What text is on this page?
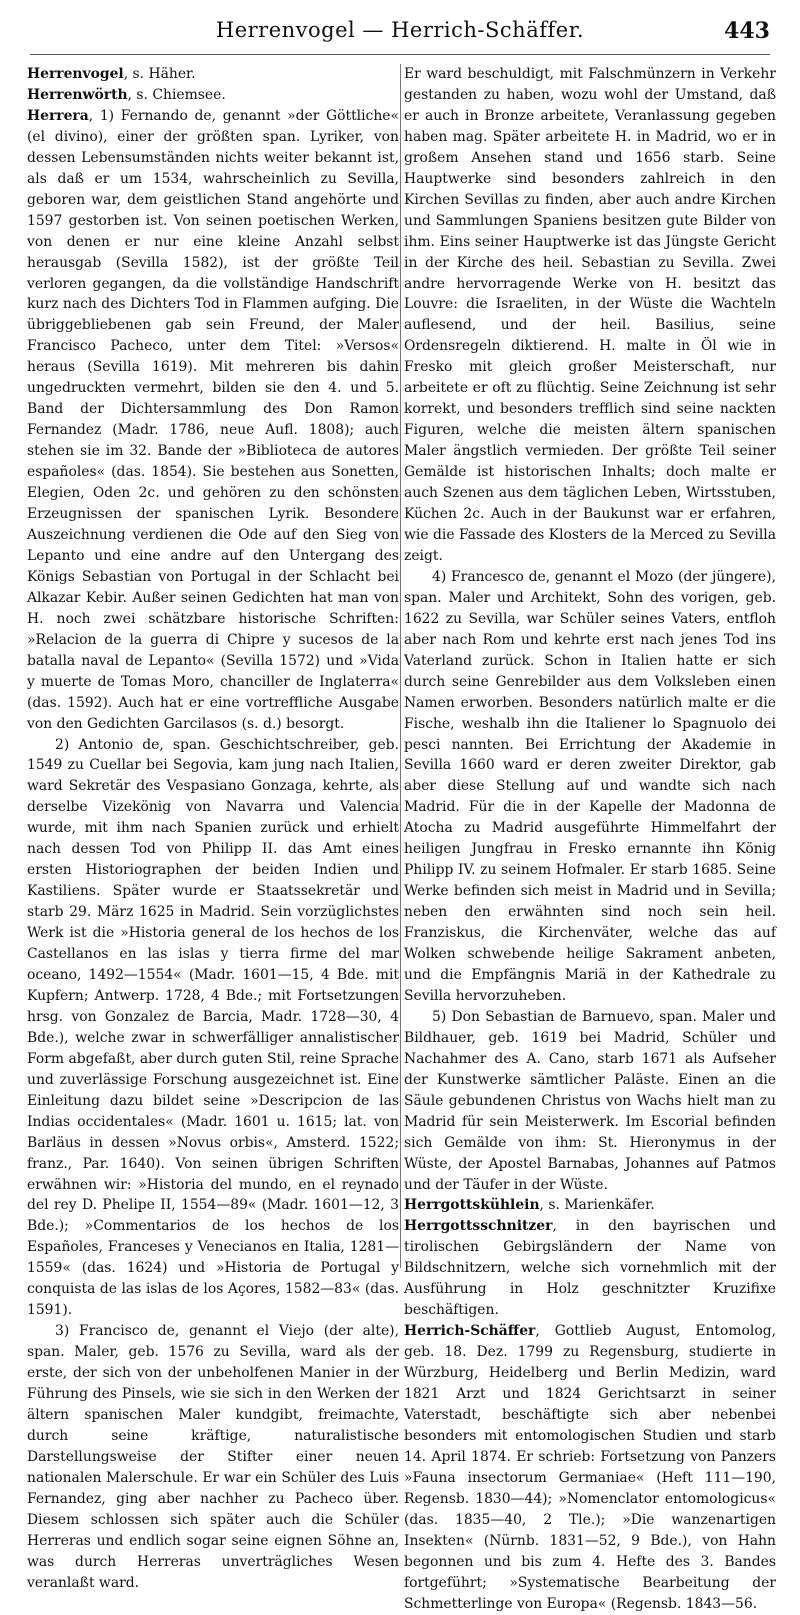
Herrenvogel — Herrich-Schäffer.	443

Herrenvogel, s. Häher.

Herrenwörth, s. Chiemsee.

Herrera, 1) Fernando de, genannt »der Göttliche« (el divino), einer der größten span. Lyriker, von dessen Lebensumständen nichts weiter bekannt ist, als daß er um 1534, wahrscheinlich zu Sevilla, geboren war, dem geistlichen Stand angehörte und 1597 gestorben ist. Von seinen poetischen Werken, von denen er nur eine kleine Anzahl selbst herausgab (Sevilla 1582), ist der größte Teil verloren gegangen, da die vollständige Handschrift kurz nach des Dichters Tod in Flammen aufging. Die übriggebliebenen gab sein Freund, der Maler Francisco Pacheco, unter dem Titel: »Versos« heraus (Sevilla 1619). Mit mehreren bis dahin ungedruckten vermehrt, bilden sie den 4. und 5. Band der Dichtersammlung des Don Ramon Fernandez (Madr. 1786, neue Aufl. 1808); auch stehen sie im 32. Bande der »Biblioteca de autores españoles« (das. 1854). Sie bestehen aus Sonetten, Elegien, Oden 2c. und gehören zu den schönsten Erzeugnissen der spanischen Lyrik. Besondere Auszeichnung verdienen die Ode auf den Sieg von Lepanto und eine andre auf den Untergang des Königs Sebastian von Portugal in der Schlacht bei Alkazar Kebir. Außer seinen Gedichten hat man von H. noch zwei schätzbare historische Schriften: »Relacion de la guerra di Chipre y sucesos de la batalla naval de Lepanto« (Sevilla 1572) und »Vida y muerte de Tomas Moro, chanciller de Inglaterra« (das. 1592). Auch hat er eine vortreffliche Ausgabe von den Gedichten Garcilasos (s. d.) besorgt.

2) Antonio de, span. Geschichtschreiber, geb. 1549 zu Cuellar bei Segovia, kam jung nach Italien, ward Sekretär des Vespasiano Gonzaga, kehrte, als derselbe Vizekönig von Navarra und Valencia wurde, mit ihm nach Spanien zurück und erhielt nach dessen Tod von Philipp II. das Amt eines ersten Historiographen der beiden Indien und Kastiliens. Später wurde er Staatssekretär und starb 29. März 1625 in Madrid. Sein vorzüglichstes Werk ist die »Historia general de los hechos de los Castellanos en las islas y tierra firme del mar oceano, 1492—1554« (Madr. 1601—15, 4 Bde. mit Kupfern; Antwerp. 1728, 4 Bde.; mit Fortsetzungen hrsg. von Gonzalez de Barcia, Madr. 1728—30, 4 Bde.), welche zwar in schwerfälliger annalistischer Form abgefaßt, aber durch guten Stil, reine Sprache und zuverlässige Forschung ausgezeichnet ist. Eine Einleitung dazu bildet seine »Descripcion de las Indias occidentales« (Madr. 1601 u. 1615; lat. von Barläus in dessen »Novus orbis«, Amsterd. 1522; franz., Par. 1640). Von seinen übrigen Schriften erwähnen wir: »Historia del mundo, en el reynado del rey D. Phelipe II, 1554—89« (Madr. 1601—12, 3 Bde.); »Commentarios de los hechos de los Españoles, Franceses y Venecianos en Italia, 1281—1559« (das. 1624) und »Historia de Portugal y conquista de las islas de los Açores, 1582—83« (das. 1591).

3) Francisco de, genannt el Viejo (der alte), span. Maler, geb. 1576 zu Sevilla, ward als der erste, der sich von der unbeholfenen Manier in der Führung des Pinsels, wie sie sich in den Werken der ältern spanischen Maler kundgibt, freimachte, durch seine kräftige, naturalistische Darstellungsweise der Stifter einer neuen nationalen Malerschule. Er war ein Schüler des Luis Fernandez, ging aber nachher zu Pacheco über. Diesem schlossen sich später auch die Schüler Herreras und endlich sogar seine eignen Söhne an, was durch Herreras unverträgliches Wesen veranlaßt ward.

Er ward beschuldigt, mit Falschmünzern in Verkehr gestanden zu haben, wozu wohl der Umstand, daß er auch in Bronze arbeitete, Veranlassung gegeben haben mag. Später arbeitete H. in Madrid, wo er in großem Ansehen stand und 1656 starb. Seine Hauptwerke sind besonders zahlreich in den Kirchen Sevillas zu finden, aber auch andre Kirchen und Sammlungen Spaniens besitzen gute Bilder von ihm. Eins seiner Hauptwerke ist das Jüngste Gericht in der Kirche des heil. Sebastian zu Sevilla. Zwei andre hervorragende Werke von H. besitzt das Louvre: die Israeliten, in der Wüste die Wachteln auflesend, und der heil. Basilius, seine Ordensregeln diktierend. H. malte in Öl wie in Freskо mit gleich großer Meisterschaft, nur arbeitete er oft zu flüchtig. Seine Zeichnung ist sehr korrekt, und besonders trefflich sind seine nackten Figuren, welche die meisten ältern spanischen Maler ängstlich vermieden. Der größte Teil seiner Gemälde ist historischen Inhalts; doch malte er auch Szenen aus dem täglichen Leben, Wirtsstuben, Küchen 2c. Auch in der Baukunst war er erfahren, wie die Fassade des Klosters de la Merced zu Sevilla zeigt.

4) Francesco de, genannt el Mozo (der jüngere), span. Maler und Architekt, Sohn des vorigen, geb. 1622 zu Sevilla, war Schüler seines Vaters, entfloh aber nach Rom und kehrte erst nach jenes Tod ins Vaterland zurück. Schon in Italien hatte er sich durch seine Genrebilder aus dem Volksleben einen Namen erworben. Besonders natürlich malte er die Fische, weshalb ihn die Italiener lo Spagnuolo dei pesci nannten. Bei Errichtung der Akademie in Sevilla 1660 ward er deren zweiter Direktor, gab aber diese Stellung auf und wandte sich nach Madrid. Für die in der Kapelle der Madonna de Atocha zu Madrid ausgeführte Himmelfahrt der heiligen Jungfrau in Fresko ernannte ihn König Philipp IV. zu seinem Hofmaler. Er starb 1685. Seine Werke befinden sich meist in Madrid und in Sevilla; neben den erwähnten sind noch sein heil. Franziskus, die Kirchenväter, welche das auf Wolken schwebende heilige Sakrament anbeten, und die Empfängnis Mariä in der Kathedrale zu Sevilla hervorzuheben.

5) Don Sebastian de Barnuevo, span. Maler und Bildhauer, geb. 1619 bei Madrid, Schüler und Nachahmer des A. Cano, starb 1671 als Aufseher der Kunstwerke sämtlicher Paläste. Einen an die Säule gebundenen Christus von Wachs hielt man zu Madrid für sein Meisterwerk. Im Escorial befinden sich Gemälde von ihm: St. Hieronymus in der Wüste, der Apostel Barnabas, Johannes auf Patmos und der Täufer in der Wüste.

Herrgottskühlein, s. Marienkäfer.

Herrgottsschnitzer, in den bayrischen und tirolischen Gebirgsländern der Name von Bildschnitzern, welche sich vornehmlich mit der Ausführung in Holz geschnitzter Kruzifixe beschäftigen.

Herrich-Schäffer, Gottlieb August, Entomolog, geb. 18. Dez. 1799 zu Regensburg, studierte in Würzburg, Heidelberg und Berlin Medizin, ward 1821 Arzt und 1824 Gerichtsarzt in seiner Vaterstadt, beschäftigte sich aber nebenbei besonders mit entomologischen Studien und starb 14. April 1874. Er schrieb: Fortsetzung von Panzers »Fauna insectorum Germaniae« (Heft 111—190, Regensb. 1830—44); »Nomenclator entomologicus« (das. 1835—40, 2 Tle.); »Die wanzenartigen Insekten« (Nürnb. 1831—52, 9 Bde.), von Hahn begonnen und bis zum 4. Hefte des 3. Bandes fortgeführt; »Systematische Bearbeitung der Schmetterlinge von Europa« (Regensb. 1843—56.
